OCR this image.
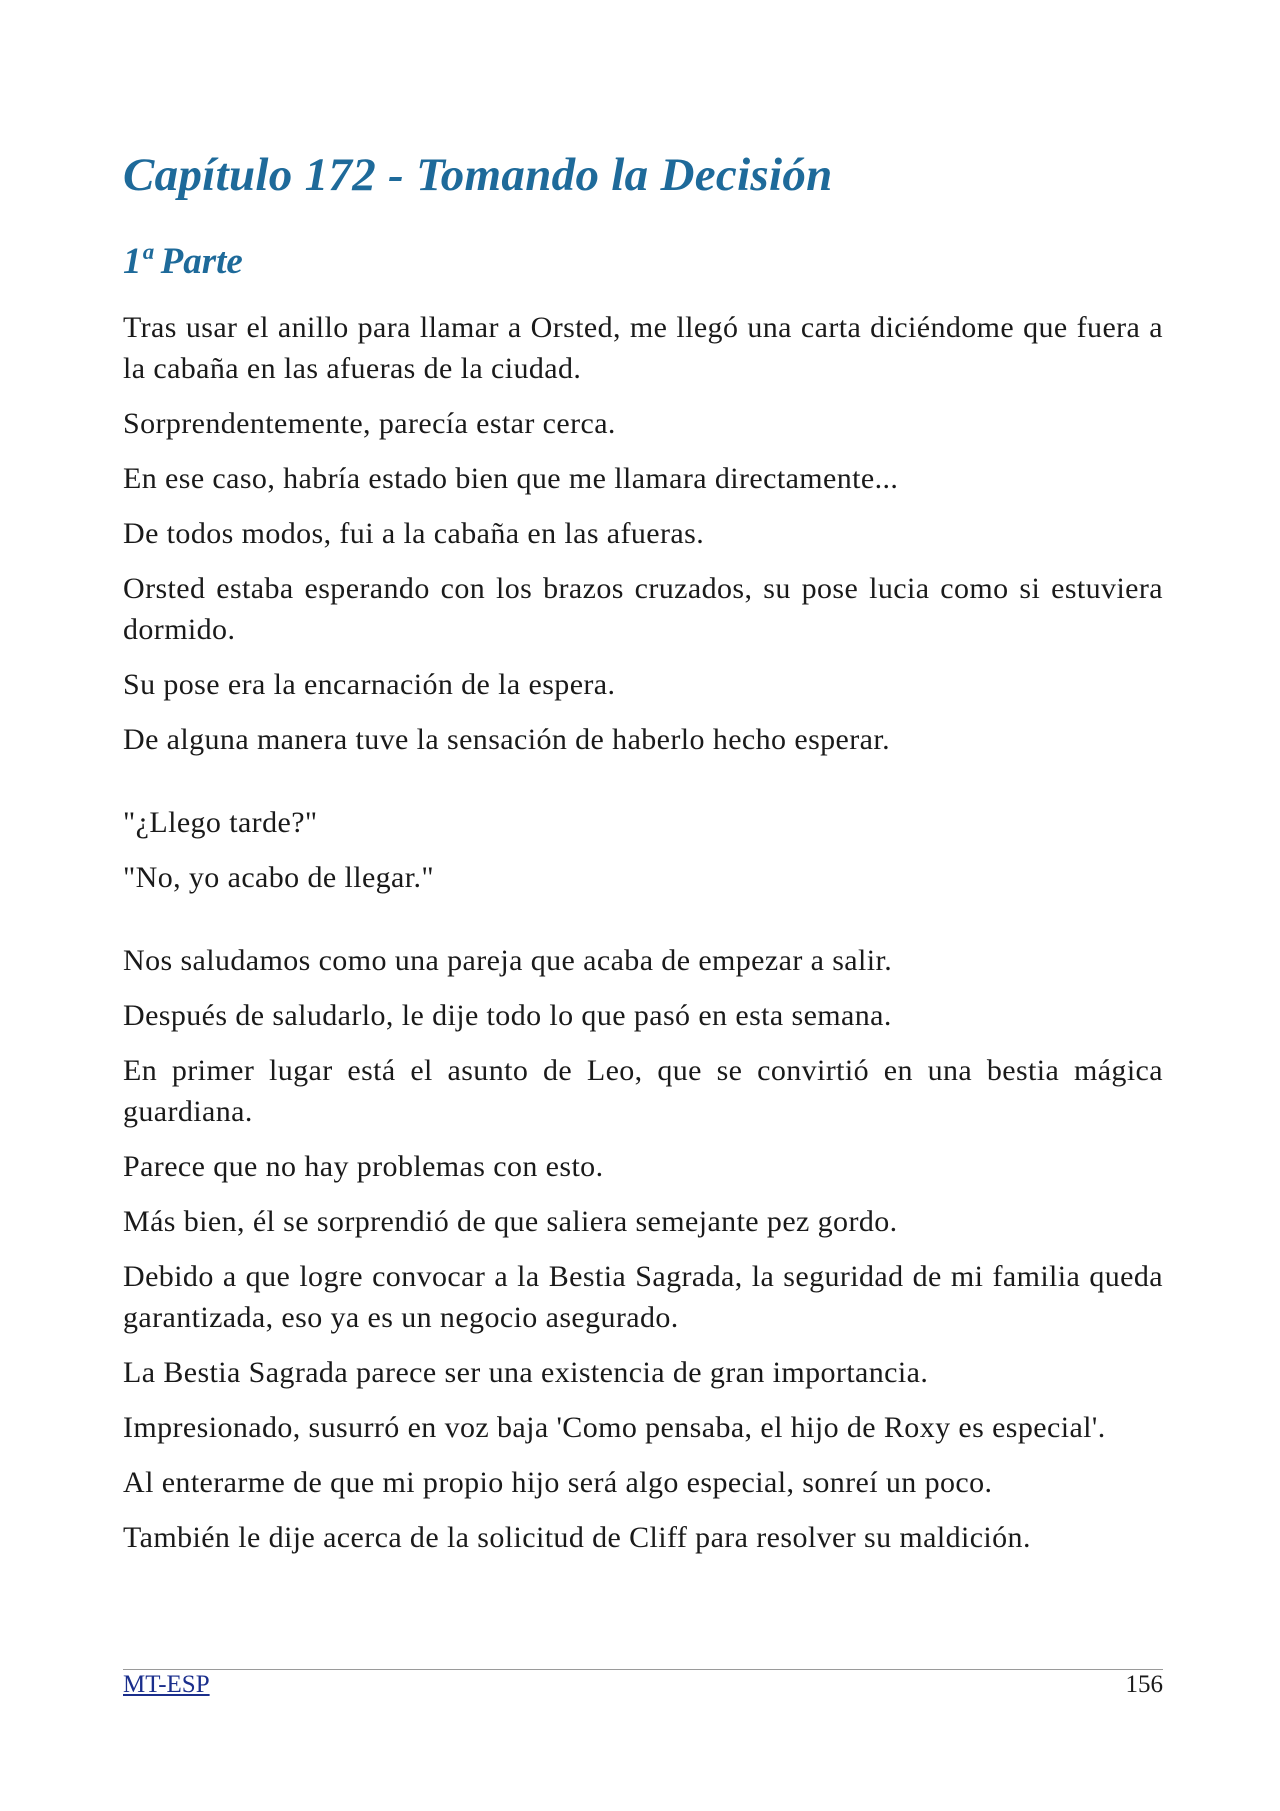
Capítulo 172 - Tomando la Decisión
1ª Parte

Tras usar el anillo para llamar a Orsted, me llegó una carta diciéndome que fuera a la cabaña en las afueras de la ciudad.

Sorprendentemente, parecía estar cerca.

En ese caso, habría estado bien que me llamara directamente...

De todos modos, fui a la cabaña en las afueras.

Orsted estaba esperando con los brazos cruzados, su pose lucia como si estuviera dormido.

Su pose era la encarnación de la espera.

De alguna manera tuve la sensación de haberlo hecho esperar.

"¿Llego tarde?"

"No, yo acabo de llegar."

Nos saludamos como una pareja que acaba de empezar a salir.

Después de saludarlo, le dije todo lo que pasó en esta semana.

En primer lugar está el asunto de Leo, que se convirtió en una bestia mágica guardiana.

Parece que no hay problemas con esto.

Más bien, él se sorprendió de que saliera semejante pez gordo.

Debido a que logre convocar a la Bestia Sagrada, la seguridad de mi familia queda garantizada, eso ya es un negocio asegurado.

La Bestia Sagrada parece ser una existencia de gran importancia.

Impresionado, susurró en voz baja 'Como pensaba, el hijo de Roxy es especial'.

Al enterarme de que mi propio hijo será algo especial, sonreí un poco.

También le dije acerca de la solicitud de Cliff para resolver su maldición.

MT-ESP	156
